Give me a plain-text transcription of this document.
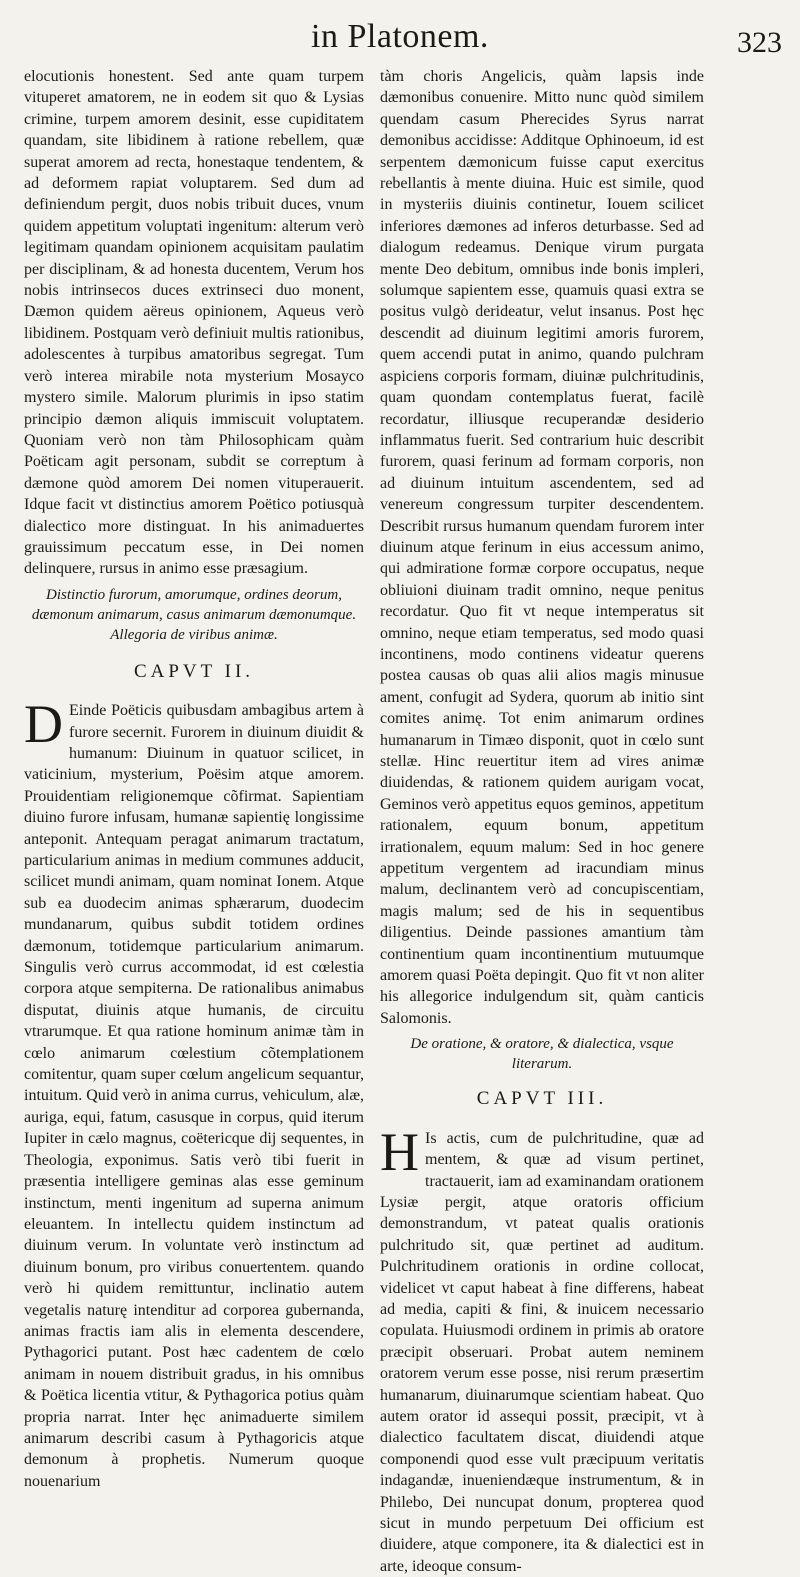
in Platonem.	323

elocutionis honestent. Sed ante quam turpem vituperet amatorem, ne in eodem sit quo & Lysias crimine, turpem amorem desinit, esse cupiditatem quandam, site libidinem à ratione rebellem, quæ superat amorem ad recta, honestaque tendentem, & ad deformem rapiat voluptarem. Sed dum ad definiendum pergit, duos nobis tribuit duces, vnum quidem appetitum voluptati ingenitum: alterum verò legitimam quandam opinionem acquisitam paulatim per disciplinam, & ad honesta ducentem, Verum hos nobis intrinsecos duces extrinseci duo monent, Dæmon quidem aëreus opinionem, Aqueus verò libidinem. Postquam verò definiuit multis rationibus, adolescentes à turpibus amatoribus segregat. Tum verò interea mirabile nota mysterium Mosayco mystero simile. Malorum plurimis in ipso statim principio dæmon aliquis immiscuit voluptatem. Quoniam verò non tàm Philosophicam quàm Poëticam agit personam, subdit se correptum à dæmone quòd amorem Dei nomen vituperauerit. Idque facit vt distinctius amorem Poëtico potiusquà dialectico more distinguat. In his animaduertes grauissimum peccatum esse, in Dei nomen delinquere, rursus in animo esse præsagium.

Distinctio furorum, amorumque, ordines deorum, dæmonum animarum, casus animarum dæmonumque. Allegoria de viribus animæ.
CAPVT II.

D Einde Poëticis quibusdam ambagibus artem à furore secernit. Furorem in diuinum diuidit & humanum: Diuinum in quatuor scilicet, in vaticinium, mysterium, Poësim atque amorem. Prouidentiam religionemque cõfirmat. Sapientiam diuino furore infusam, humanæ sapientię longissime anteponit. Antequam peragat animarum tractatum, particularium animas in medium communes adducit, scilicet mundi animam, quam nominat Ionem. Atque sub ea duodecim animas sphærarum, duodecim mundanarum, quibus subdit totidem ordines dæmonum, totidemque particularium animarum. Singulis verò currus accommodat, id est cœlestia corpora atque sempiterna. De rationalibus animabus disputat, diuinis atque humanis, de circuitu vtrarumque. Et qua ratione hominum animæ tàm in cœlo animarum cœlestium cõtemplationem comitentur, quam super cœlum angelicum sequantur, intuitum. Quid verò in anima currus, vehiculum, alæ, auriga, equi, fatum, casusque in corpus, quid iterum Iupiter in cælo magnus, coëtericque dij sequentes, in Theologia, exponimus. Satis verò tibi fuerit in præsentia intelligere geminas alas esse geminum instinctum, menti ingenitum ad superna animum eleuantem. In intellectu quidem instinctum ad diuinum verum. In voluntate verò instinctum ad diuinum bonum, pro viribus conuertentem. quando verò hi quidem remittuntur, inclinatio autem vegetalis naturę intenditur ad corporea gubernanda, animas fractis iam alis in elementa descendere, Pythagorici putant. Post hæc cadentem de cœlo animam in nouem distribuit gradus, in his omnibus & Poëtica licentia vtitur, & Pythagorica potius quàm propria narrat. Inter hęc animaduerte similem animarum describi casum à Pythagoricis atque demonum à prophetis. Numerum quoque nouenarium

tàm choris Angelicis, quàm lapsis inde dæmonibus conuenire. Mitto nunc quòd similem quendam casum Pherecides Syrus narrat demonibus accidisse: Additque Ophinoeum, id est serpentem dæmonicum fuisse caput exercitus rebellantis à mente diuina. Huic est simile, quod in mysteriis diuinis continetur, Iouem scilicet inferiores dæmones ad inferos deturbasse. Sed ad dialogum redeamus. Denique virum purgata mente Deo debitum, omnibus inde bonis impleri, solumque sapientem esse, quamuis quasi extra se positus vulgò derideatur, velut insanus. Post hęc descendit ad diuinum legitimi amoris furorem, quem accendi putat in animo, quando pulchram aspiciens corporis formam, diuinæ pulchritudinis, quam quondam contemplatus fuerat, facilè recordatur, illiusque recuperandæ desiderio inflammatus fuerit. Sed contrarium huic describit furorem, quasi ferinum ad formam corporis, non ad diuinum intuitum ascendentem, sed ad venereum congressum turpiter descendentem. Describit rursus humanum quendam furorem inter diuinum atque ferinum in eius accessum animo, qui admiratione formæ corpore occupatus, neque obliuioni diuinam tradit omnino, neque penitus recordatur. Quo fit vt neque intemperatus sit omnino, neque etiam temperatus, sed modo quasi incontinens, modo continens videatur querens postea causas ob quas alii alios magis minusue ament, confugit ad Sydera, quorum ab initio sint comites animę. Tot enim animarum ordines humanarum in Timæo disponit, quot in cœlo sunt stellæ. Hinc reuertitur item ad vires animæ diuidendas, & rationem quidem aurigam vocat, Geminos verò appetitus equos geminos, appetitum rationalem, equum bonum, appetitum irrationalem, equum malum: Sed in hoc genere appetitum vergentem ad iracundiam minus malum, declinantem verò ad concupiscentiam, magis malum; sed de his in sequentibus diligentius. Deinde passiones amantium tàm continentium quam incontinentium mutuumque amorem quasi Poëta depingit. Quo fit vt non aliter his allegorice indulgendum sit, quàm canticis Salomonis.

De oratione, & oratore, & dialectica, vsque literarum.
CAPVT III.

H Is actis, cum de pulchritudine, quæ ad mentem, & quæ ad visum pertinet, tractauerit, iam ad examinandam orationem Lysiæ pergit, atque oratoris officium demonstrandum, vt pateat qualis orationis pulchritudo sit, quæ pertinet ad auditum. Pulchritudinem orationis in ordine collocat, videlicet vt caput habeat à fine differens, habeat ad media, capiti & fini, & inuicem necessario copulata. Huiusmodi ordinem in primis ab oratore præcipit obseruari. Probat autem neminem oratorem verum esse posse, nisi rerum præsertim humanarum, diuinarumque scientiam habeat. Quo autem orator id assequi possit, præcipit, vt à dialectico facultatem discat, diuidendi atque componendi quod esse vult præcipuum veritatis indagandæ, inueniendæque instrumentum, & in Philebo, Dei nuncupat donum, propterea quod sicut in mundo perpetuum Dei officium est diuidere, atque componere, ita & dialectici est in arte, ideoque consum-
